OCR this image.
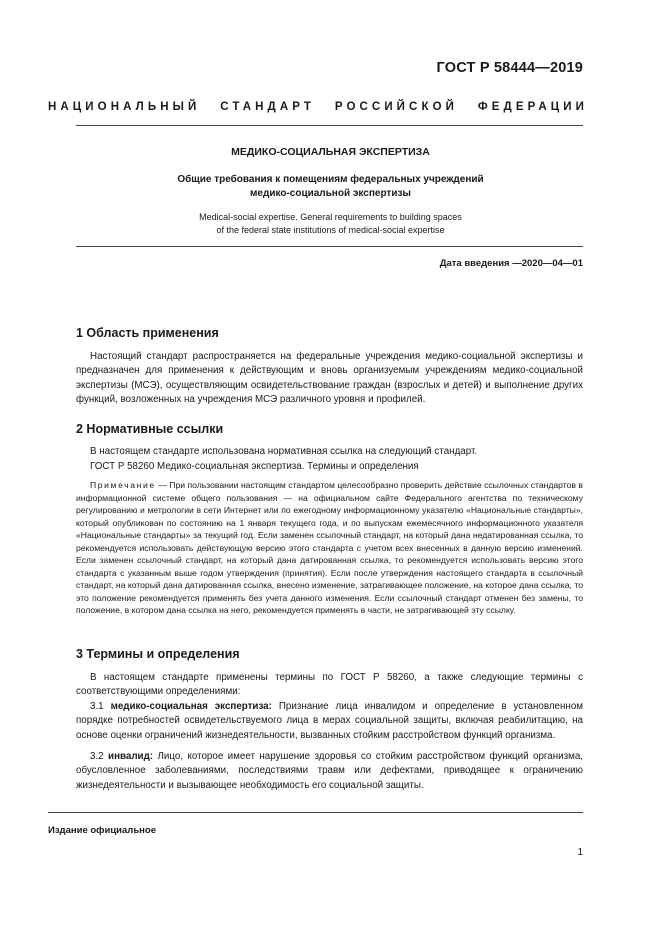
ГОСТ Р 58444—2019
НАЦИОНАЛЬНЫЙ СТАНДАРТ РОССИЙСКОЙ ФЕДЕРАЦИИ
МЕДИКО-СОЦИАЛЬНАЯ ЭКСПЕРТИЗА
Общие требования к помещениям федеральных учреждений
медико-социальной экспертизы
Medical-social expertise. General requirements to building spaces
of the federal state institutions of medical-social expertise
Дата введения —2020—04—01
1 Область применения
Настоящий стандарт распространяется на федеральные учреждения медико-социальной экспертизы и предназначен для применения к действующим и вновь организуемым учреждениям медико-социальной экспертизы (МСЭ), осуществляющим освидетельствование граждан (взрослых и детей) и выполнение других функций, возложенных на учреждения МСЭ различного уровня и профилей.
2 Нормативные ссылки
В настоящем стандарте использована нормативная ссылка на следующий стандарт.
ГОСТ Р 58260 Медико-социальная экспертиза. Термины и определения
Примечание — При пользовании настоящим стандартом целесообразно проверить действие ссылочных стандартов в информационной системе общего пользования — на официальном сайте Федерального агентства по техническому регулированию и метрологии в сети Интернет или по ежегодному информационному указателю «Национальные стандарты», который опубликован по состоянию на 1 января текущего года, и по выпускам ежемесячного информационного указателя «Национальные стандарты» за текущий год. Если заменен ссылочный стандарт, на который дана недатированная ссылка, то рекомендуется использовать действующую версию этого стандарта с учетом всех внесенных в данную версию изменений. Если заменен ссылочный стандарт, на который дана датированная ссылка, то рекомендуется использовать версию этого стандарта с указанным выше годом утверждения (принятия). Если после утверждения настоящего стандарта в ссылочный стандарт, на который дана датированная ссылка, внесено изменение, затрагивающее положение, на которое дана ссылка, то это положение рекомендуется применять без учета данного изменения. Если ссылочный стандарт отменен без замены, то положение, в котором дана ссылка на него, рекомендуется применять в части, не затрагивающей эту ссылку.
3 Термины и определения
В настоящем стандарте применены термины по ГОСТ Р 58260, а также следующие термины с соответствующими определениями:
3.1 медико-социальная экспертиза: Признание лица инвалидом и определение в установленном порядке потребностей освидетельствуемого лица в мерах социальной защиты, включая реабилитацию, на основе оценки ограничений жизнедеятельности, вызванных стойким расстройством функций организма.
3.2 инвалид: Лицо, которое имеет нарушение здоровья со стойким расстройством функций организма, обусловленное заболеваниями, последствиями травм или дефектами, приводящее к ограничению жизнедеятельности и вызывающее необходимость его социальной защиты.
Издание официальное
1
